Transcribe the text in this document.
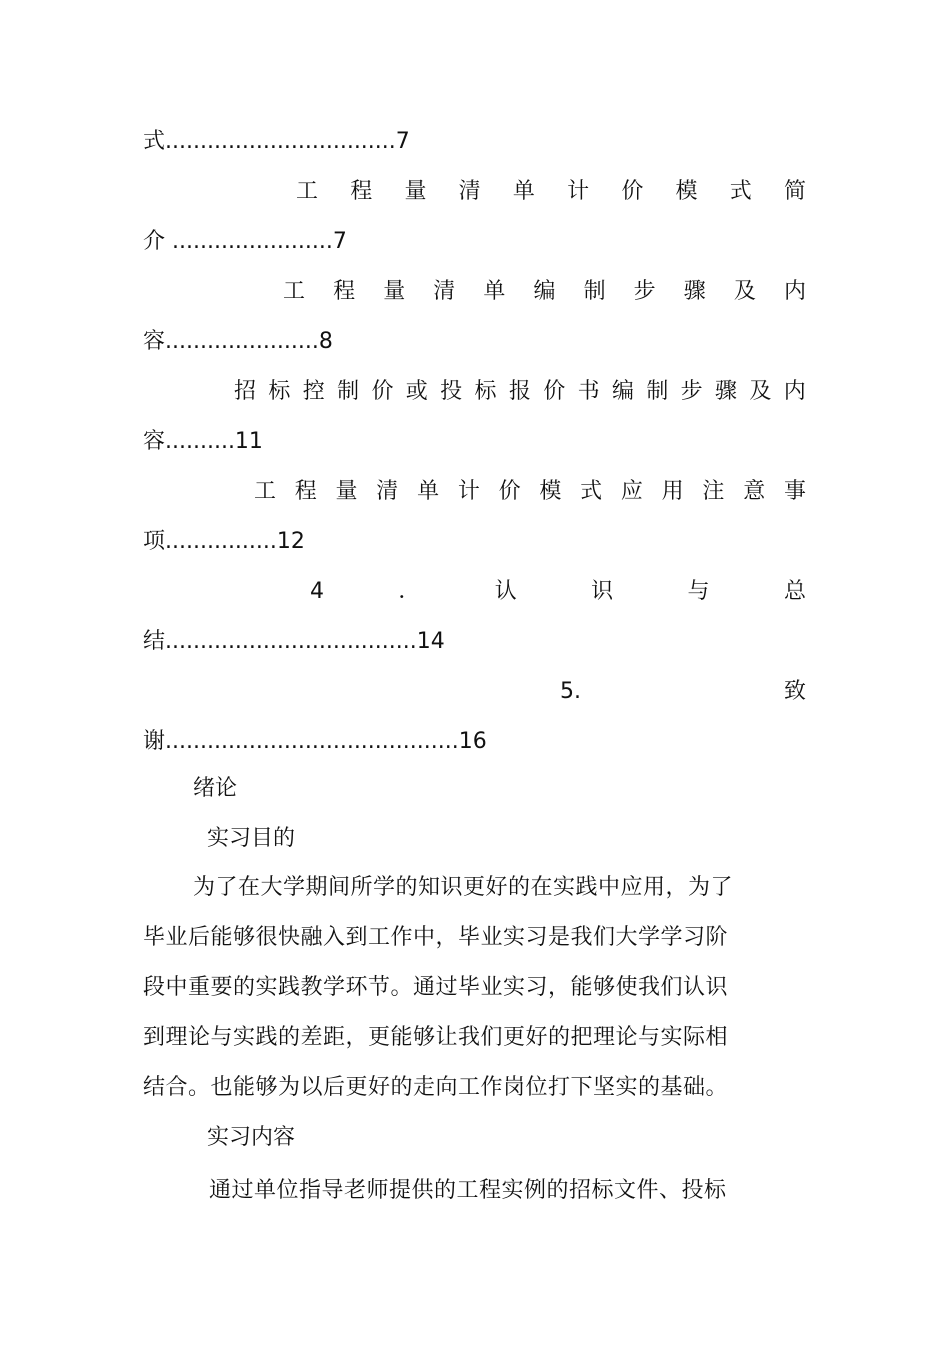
式.................................7
工 程 量 清 单 计 价 模 式 简
介 .......................7
工 程 量 清 单 编 制 步 骤 及 内
容......................8
招 标 控 制 价 或 投 标 报 价 书 编 制 步 骤 及 内
容..........11
工 程 量 清 单 计 价 模 式 应 用 注 意 事
项................12
4	．	认	识	与	总
结....................................14
5.	致
谢..........................................16
绪论
实习目的
为了在大学期间所学的知识更好的在实践中应用，为了
毕业后能够很快融入到工作中，毕业实习是我们大学学习阶
段中重要的实践教学环节。通过毕业实习，能够使我们认识
到理论与实践的差距，更能够让我们更好的把理论与实际相
结合。也能够为以后更好的走向工作岗位打下坚实的基础。
实习内容
通过单位指导老师提供的工程实例的招标文件、投标
